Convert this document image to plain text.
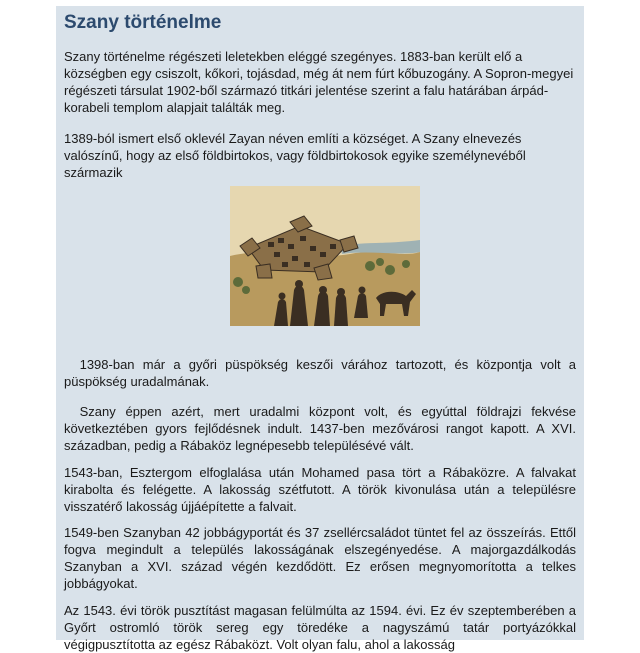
Szany történelme

Szany történelme régészeti leletekben eléggé szegényes. 1883-ban került elő a községben egy csiszolt, kőkori, tojásdad, még át nem fúrt kőbuzogány. A Sopron-megyei régészeti társulat 1902-ből származó titkári jelentése szerint a falu határában árpád-korabeli templom alapjait találták meg.

1389-ból ismert első oklevél Zayan néven említi a községet. A Szany elnevezés valószínű, hogy az első földbirtokos, vagy földbirtokosok egyike személynevéből származik

1398-ban már a győri püspökség keszői várához tartozott, és központja volt a püspökség uradalmának.

Szany éppen azért, mert uradalmi központ volt, és egyúttal földrajzi fekvése következtében gyors fejlődésnek indult. 1437-ben mezővárosi rangot kapott. A XVI. században, pedig a Rábaköz legnépesebb településévé vált.

1543-ban, Esztergom elfoglalása után Mohamed pasa tört a Rábaközre. A falvakat kirabolta és felégette. A lakosság szétfutott. A török kivonulása után a településre visszatérő lakosság újjáépítette a falvait.

1549-ben Szanyban 42 jobbágyportát és 37 zsellércsaládot tüntet fel az összeírás. Ettől fogva megindult a település lakosságának elszegényedése. A majorgazdálkodás Szanyban a XVI. század végén kezdődött. Ez erősen megnyomorította a telkes jobbágyokat.

Az 1543. évi török pusztítást magasan felülmúlta az 1594. évi. Ez év szeptemberében a Győrt ostromló török sereg egy töredéke a nagyszámú tatár portyázókkal végigpusztította az egész Rábaközt. Volt olyan falu, ahol a lakosság
